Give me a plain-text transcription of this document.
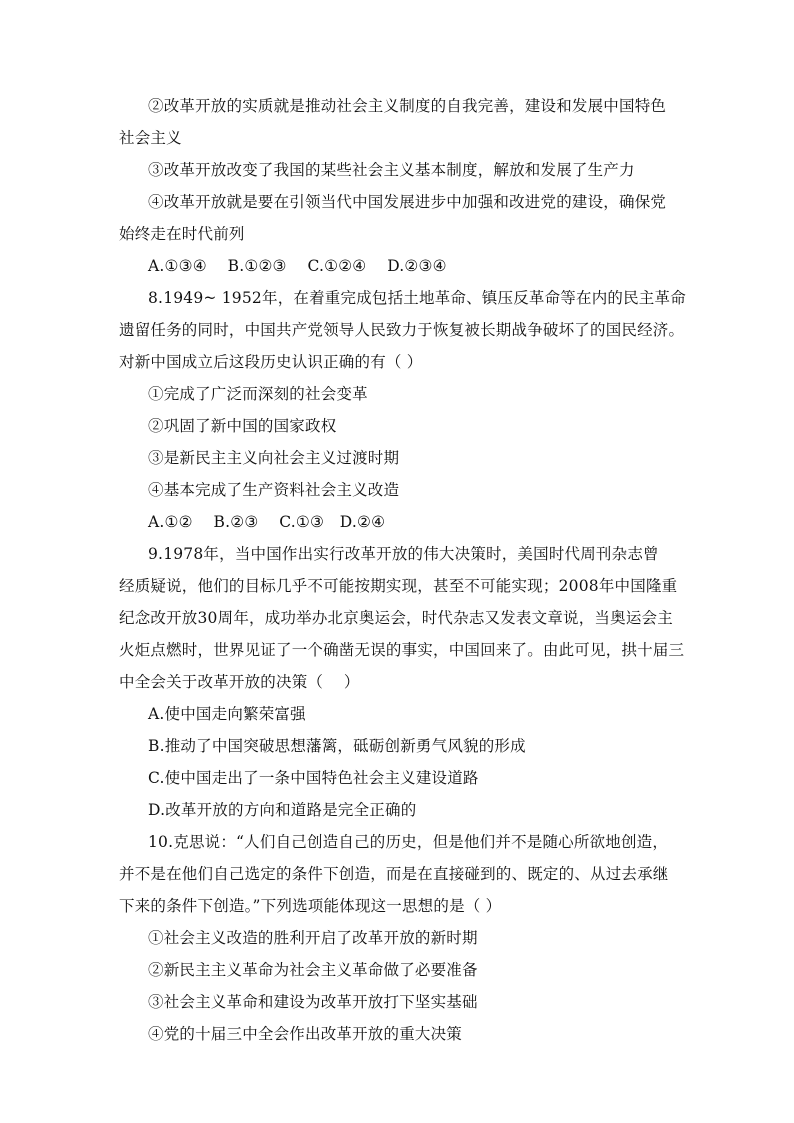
②改革开放的实质就是推动社会主义制度的自我完善，建设和发展中国特色
社会主义
③改革开放改变了我国的某些社会主义基本制度，解放和发展了生产力
④改革开放就是要在引领当代中国发展进步中加强和改进党的建设，确保党
始终走在时代前列
A.①③④　 B.①②③　 C.①②④　 D.②③④
8.1949~ 1952年，在着重完成包括土地革命、镇压反革命等在内的民主革命
遗留任务的同时，中国共产党领导人民致力于恢复被长期战争破坏了的国民经济。
对新中国成立后这段历史认识正确的有（ ）
①完成了广泛而深刻的社会变革
②巩固了新中国的国家政权
③是新民主主义向社会主义过渡时期
④基本完成了生产资料社会主义改造
A.①②　 B.②③　 C.①③　D.②④
9.1978年，当中国作出实行改革开放的伟大决策时，美国时代周刊杂志曾
经质疑说，他们的目标几乎不可能按期实现，甚至不可能实现；2008年中国隆重
纪念改开放30周年，成功举办北京奥运会，时代杂志又发表文章说，当奥运会主
火炬点燃时，世界见证了一个确凿无误的事实，中国回来了。由此可见，拱十届三
中全会关于改革开放的决策（　 ）
A.使中国走向繁荣富强
B.推动了中国突破思想藩篱，砥砺创新勇气风貌的形成
C.使中国走出了一条中国特色社会主义建设道路
D.改革开放的方向和道路是完全正确的
10.克思说：“人们自己创造自己的历史，但是他们并不是随心所欲地创造，
并不是在他们自己选定的条件下创造，而是在直接碰到的、既定的、从过去承继
下来的条件下创造。”下列选项能体现这一思想的是（ ）
①社会主义改造的胜利开启了改革开放的新时期
②新民主主义革命为社会主义革命做了必要准备
③社会主义革命和建设为改革开放打下坚实基础
④党的十届三中全会作出改革开放的重大决策
